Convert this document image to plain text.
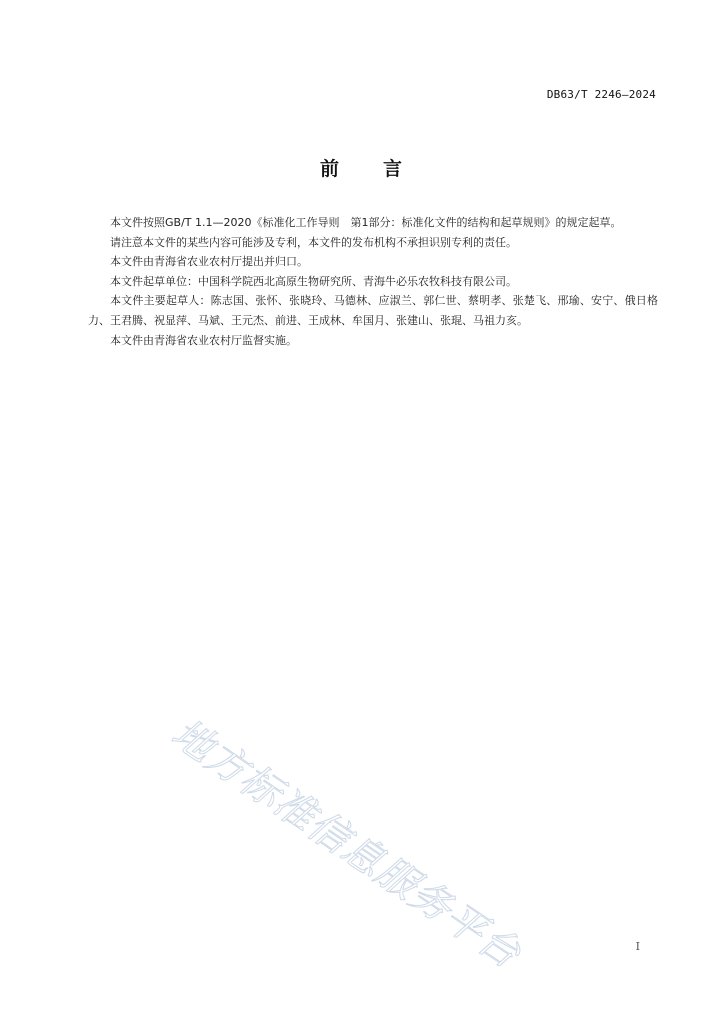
DB63/T 2246—2024
前 言

本文件按照GB/T 1.1—2020《标准化工作导则　第1部分：标准化文件的结构和起草规则》的规定起草。

请注意本文件的某些内容可能涉及专利，本文件的发布机构不承担识别专利的责任。

本文件由青海省农业农村厅提出并归口。

本文件起草单位：中国科学院西北高原生物研究所、青海牛必乐农牧科技有限公司。

本文件主要起草人：陈志国、张怀、张晓玲、马德林、应淑兰、郭仁世、蔡明孝、张楚飞、邢瑜、安宁、俄日格力、王君腾、祝显萍、马斌、王元杰、前进、王成林、牟国月、张建山、张琨、马祖力亥。

本文件由青海省农业农村厅监督实施。

地方标准信息服务平台	I
